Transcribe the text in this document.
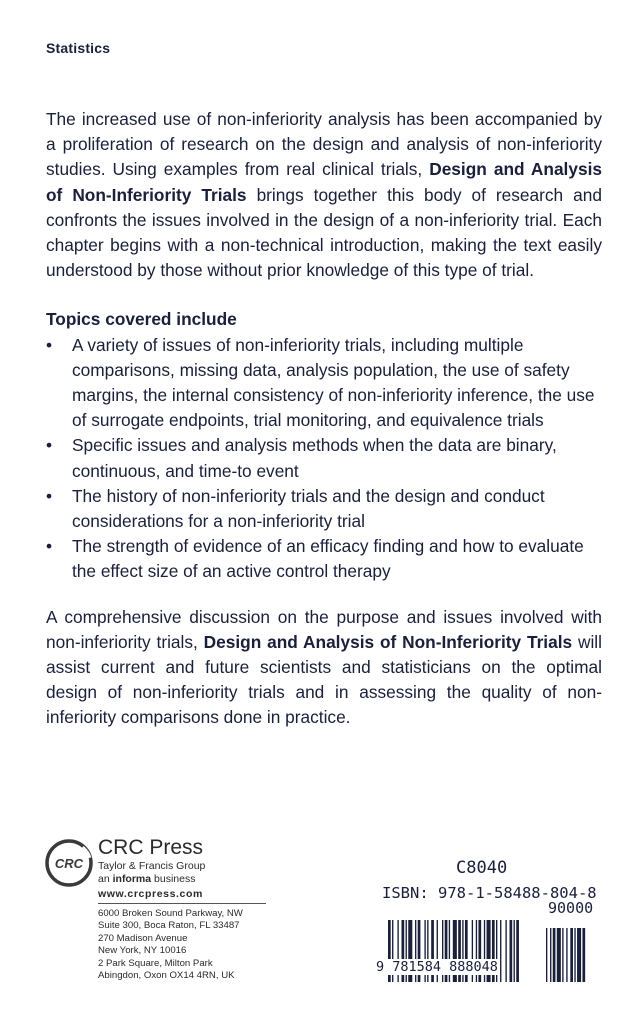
Statistics

The increased use of non-inferiority analysis has been accompanied by a proliferation of research on the design and analysis of non-inferiority studies. Using examples from real clinical trials, Design and Analysis of Non-Inferiority Trials brings together this body of research and confronts the issues involved in the design of a non-inferiority trial. Each chapter begins with a non-technical introduction, making the text easily understood by those without prior knowledge of this type of trial.

Topics covered include
•	A variety of issues of non-inferiority trials, including multiple comparisons, missing data, analysis population, the use of safety margins, the internal consistency of non-inferiority inference, the use of surrogate endpoints, trial monitoring, and equivalence trials
•	Specific issues and analysis methods when the data are binary, continuous, and time-to event
•	The history of non-inferiority trials and the design and conduct considerations for a non-inferiority trial
•	The strength of evidence of an efficacy finding and how to evaluate the effect size of an active control therapy

A comprehensive discussion on the purpose and issues involved with non-inferiority trials, Design and Analysis of Non-Inferiority Trials will assist current and future scientists and statisticians on the optimal design of non-inferiority trials and in assessing the quality of non-inferiority comparisons done in practice.

CRC
CRC Press
Taylor & Francis Group
an informa business
www.crcpress.com
6000 Broken Sound Parkway, NW
Suite 300, Boca Raton, FL 33487
270 Madison Avenue
New York, NY 10016
2 Park Square, Milton Park
Abingdon, Oxon OX14 4RN, UK
C8040
ISBN: 978-1-58488-804-8
90000
9 781584 888048
